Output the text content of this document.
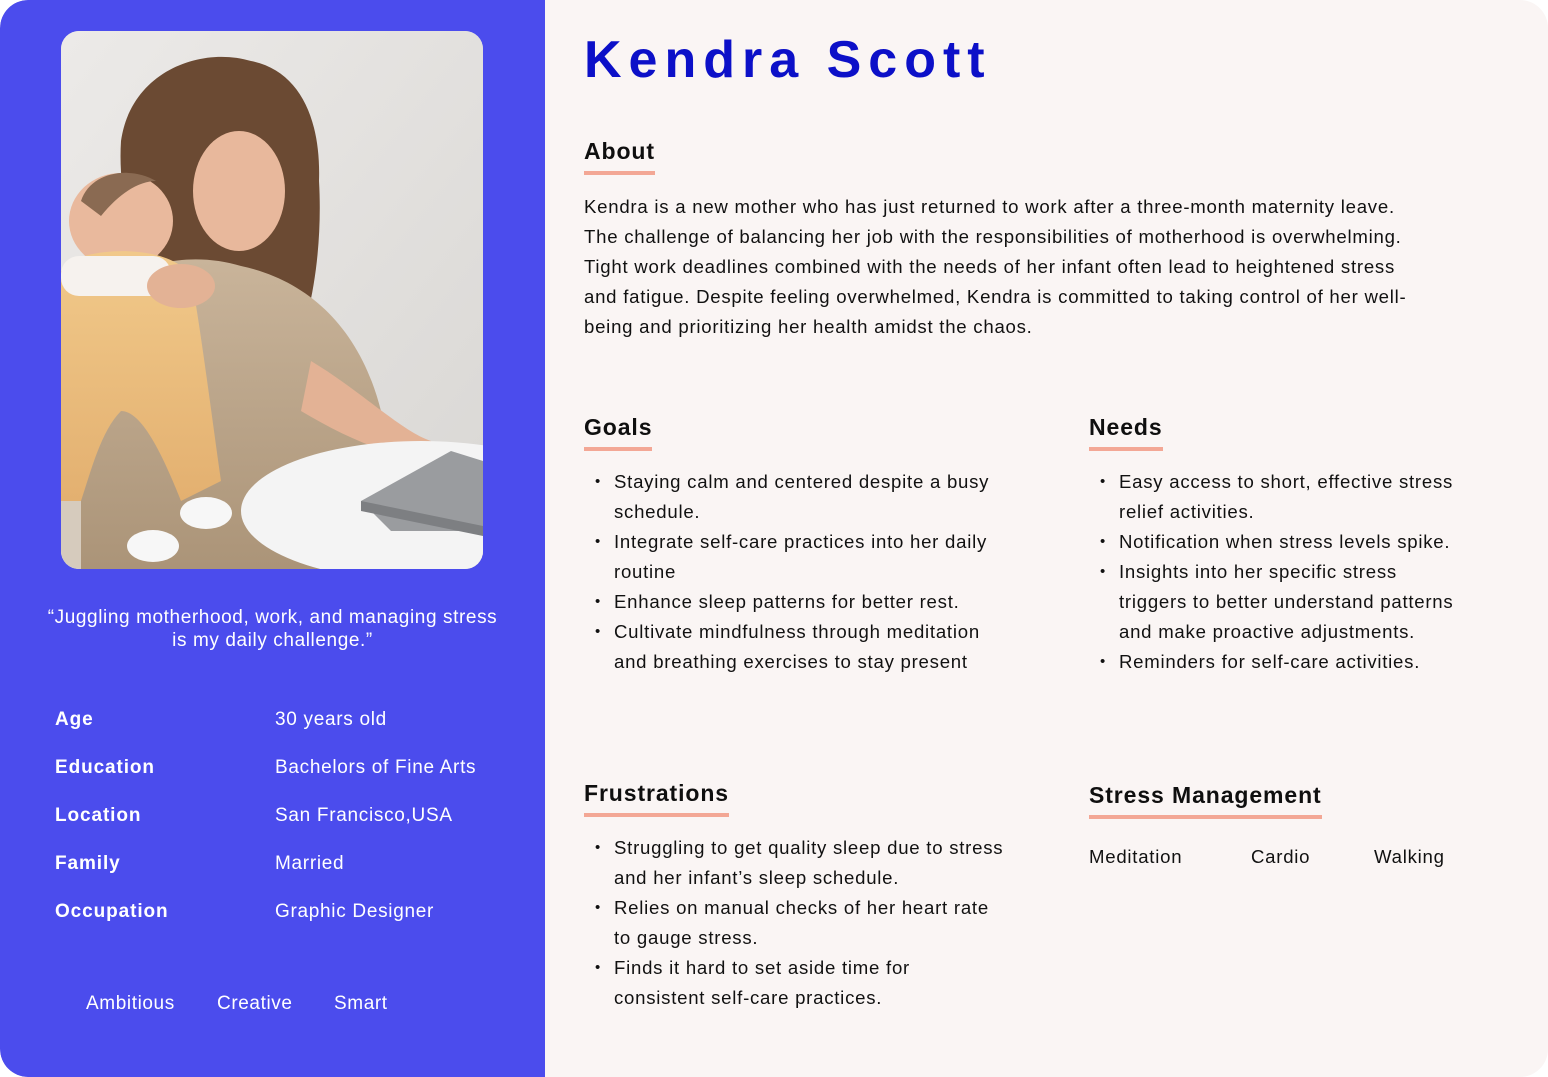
“Juggling motherhood, work, and managing stress is my daily challenge.”
Age	30 years old
Education	Bachelors of Fine Arts
Location	San Francisco,USA
Family	Married
Occupation	Graphic Designer
Ambitious Creative Smart
Kendra Scott
About
Kendra is a new mother who has just returned to work after a three-month maternity leave. The challenge of balancing her job with the responsibilities of motherhood is overwhelming. Tight work deadlines combined with the needs of her infant often lead to heightened stress and fatigue. Despite feeling overwhelmed, Kendra is committed to taking control of her well-being and prioritizing her health amidst the chaos.
Goals
• Staying calm and centered despite a busy schedule.
• Integrate self-care practices into her daily routine
• Enhance sleep patterns for better rest.
• Cultivate mindfulness through meditation and breathing exercises to stay present
Needs
• Easy access to short, effective stress relief activities.
• Notification when stress levels spike.
• Insights into her specific stress triggers to better understand patterns and make proactive adjustments.
• Reminders for self-care activities.
Frustrations
• Struggling to get quality sleep due to stress and her infant’s sleep schedule.
• Relies on manual checks of her heart rate to gauge stress.
• Finds it hard to set aside time for consistent self-care practices.
Stress Management
Meditation	Cardio	Walking
